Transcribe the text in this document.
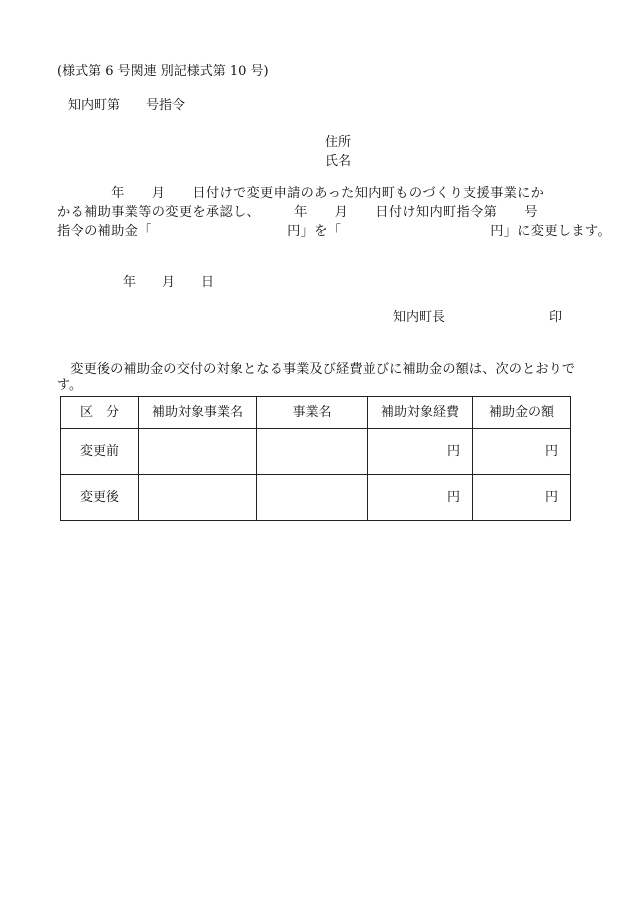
(様式第 6 号関連 別記様式第 10 号)
知内町第　　号指令
住所
氏名
　　　　年　　月　　日付けで変更申請のあった知内町ものづくり支援事業にか
かる補助事業等の変更を承認し、　　　年　　月　　日付け知内町指令第　　号
指令の補助金「　　　　　　　　　　円」を「　　　　　　　　　　　円」に変更します。
年　　月　　日
知内町長　　　　　　　　印
　変更後の補助金の交付の対象となる事業及び経費並びに補助金の額は、次のとおりで
す。
区　分	補助対象事業名	事業名	補助対象経費	補助金の額
変更前			円	円
変更後			円	円
